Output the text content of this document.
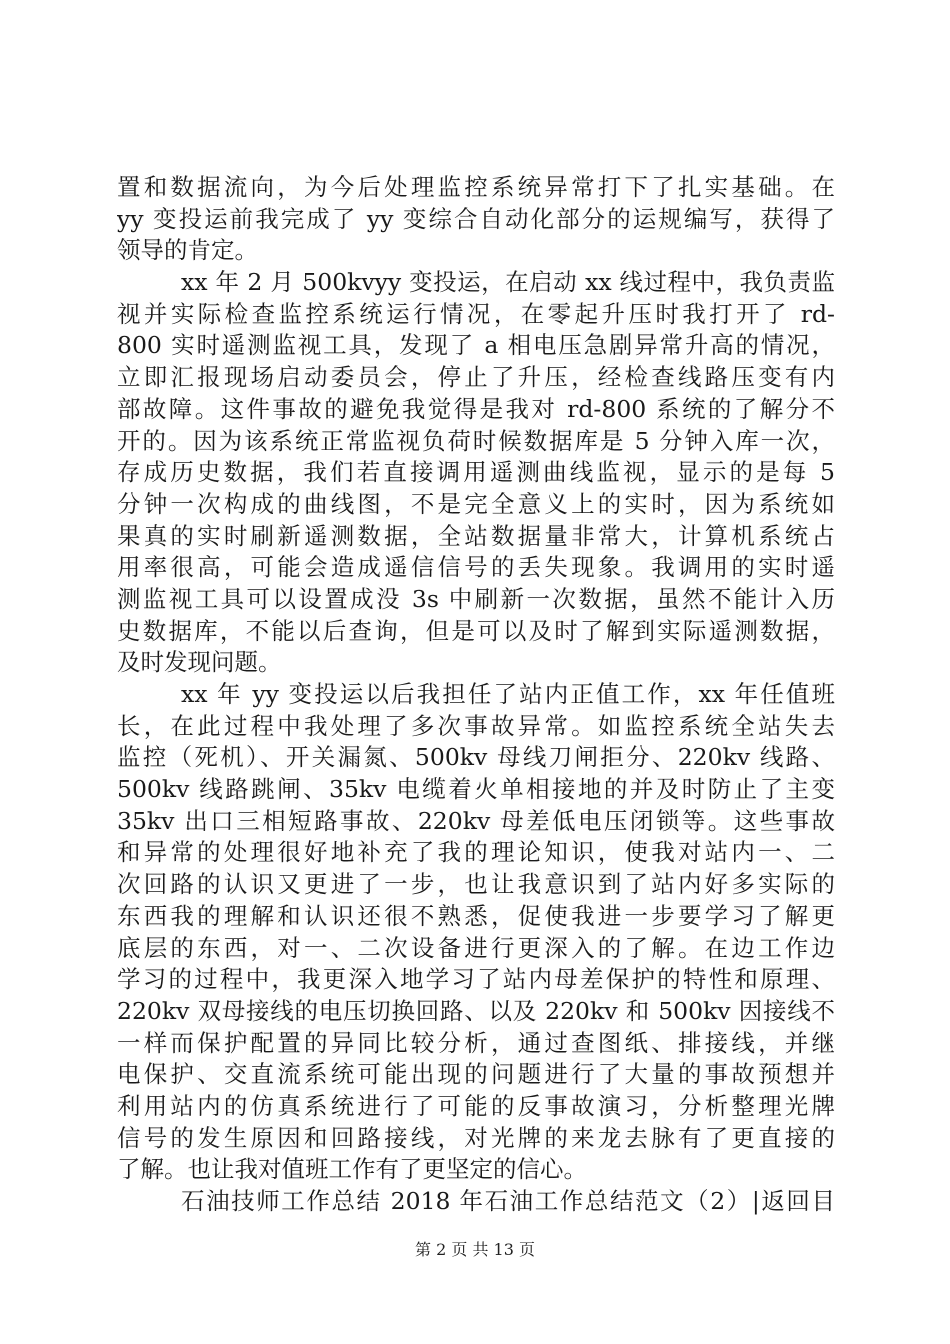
置和数据流向，为今后处理监控系统异常打下了扎实基础。在
yy 变投运前我完成了 yy 变综合自动化部分的运规编写，获得了
领导的肯定。
xx 年 2 月 500kvyy 变投运，在启动 xx 线过程中，我负责监
视并实际检查监控系统运行情况，在零起升压时我打开了 rd-
800 实时遥测监视工具，发现了 a 相电压急剧异常升高的情况，
立即汇报现场启动委员会，停止了升压，经检查线路压变有内
部故障。这件事故的避免我觉得是我对 rd-800 系统的了解分不
开的。因为该系统正常监视负荷时候数据库是 5 分钟入库一次，
存成历史数据，我们若直接调用遥测曲线监视，显示的是每 5
分钟一次构成的曲线图，不是完全意义上的实时，因为系统如
果真的实时刷新遥测数据，全站数据量非常大，计算机系统占
用率很高，可能会造成遥信信号的丢失现象。我调用的实时遥
测监视工具可以设置成没 3s 中刷新一次数据，虽然不能计入历
史数据库，不能以后查询，但是可以及时了解到实际遥测数据，
及时发现问题。
xx 年 yy 变投运以后我担任了站内正值工作，xx 年任值班
长，在此过程中我处理了多次事故异常。如监控系统全站失去
监控（死机）、开关漏氮、500kv 母线刀闸拒分、220kv 线路、
500kv 线路跳闸、35kv 电缆着火单相接地的并及时防止了主变
35kv 出口三相短路事故、220kv 母差低电压闭锁等。这些事故
和异常的处理很好地补充了我的理论知识，使我对站内一、二
次回路的认识又更进了一步，也让我意识到了站内好多实际的
东西我的理解和认识还很不熟悉，促使我进一步要学习了解更
底层的东西，对一、二次设备进行更深入的了解。在边工作边
学习的过程中，我更深入地学习了站内母差保护的特性和原理、
220kv 双母接线的电压切换回路、以及 220kv 和 500kv 因接线不
一样而保护配置的异同比较分析，通过查图纸、排接线，并继
电保护、交直流系统可能出现的问题进行了大量的事故预想并
利用站内的仿真系统进行了可能的反事故演习，分析整理光牌
信号的发生原因和回路接线，对光牌的来龙去脉有了更直接的
了解。也让我对值班工作有了更坚定的信心。
石油技师工作总结 2018 年石油工作总结范文（2）|返回目
第 2 页 共 13 页
